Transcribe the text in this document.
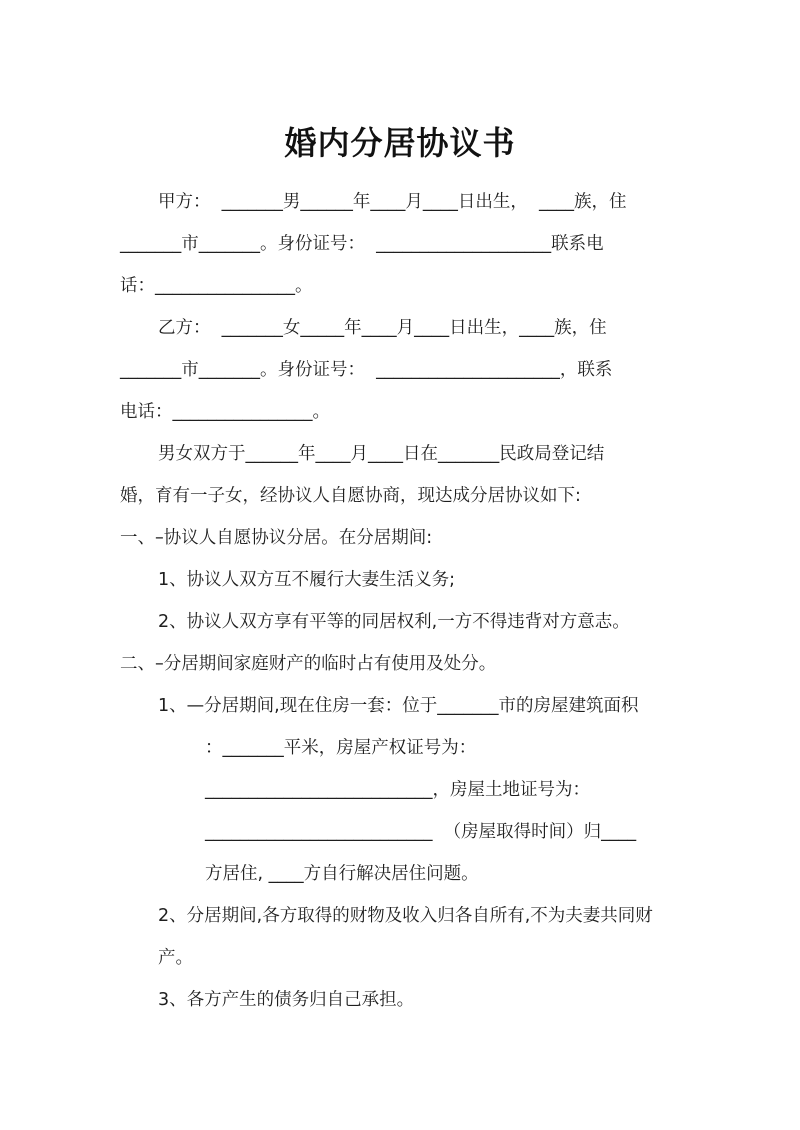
婚内分居协议书
甲方：  _______男______年____月____日出生，  ____族，住
_______市_______。身份证号：  ____________________联系电
话：________________。
乙方：  _______女_____年____月____日出生，____族，住
_______市_______。身份证号：  _____________________，联系
电话：________________。
男女双方于______年____月____日在_______民政局登记结
婚，育有一子女，经协议人自愿协商，现达成分居协议如下:
一、–协议人自愿协议分居。在分居期间:
1、协议人双方互不履行大妻生活义务;
2、协议人双方享有平等的同居权利,一方不得违背对方意志。
二、–分居期间家庭财产的临时占有使用及处分。
1、—分居期间,现在住房一套：位于_______市的房屋建筑面积
：_______平米，房屋产权证号为：
__________________________，房屋土地证号为：
__________________________  （房屋取得时间）归____
方居住, ____方自行解决居住问题。
2、分居期间,各方取得的财物及收入归各自所有,不为夫妻共同财
产。
3、各方产生的债务归自己承担。
